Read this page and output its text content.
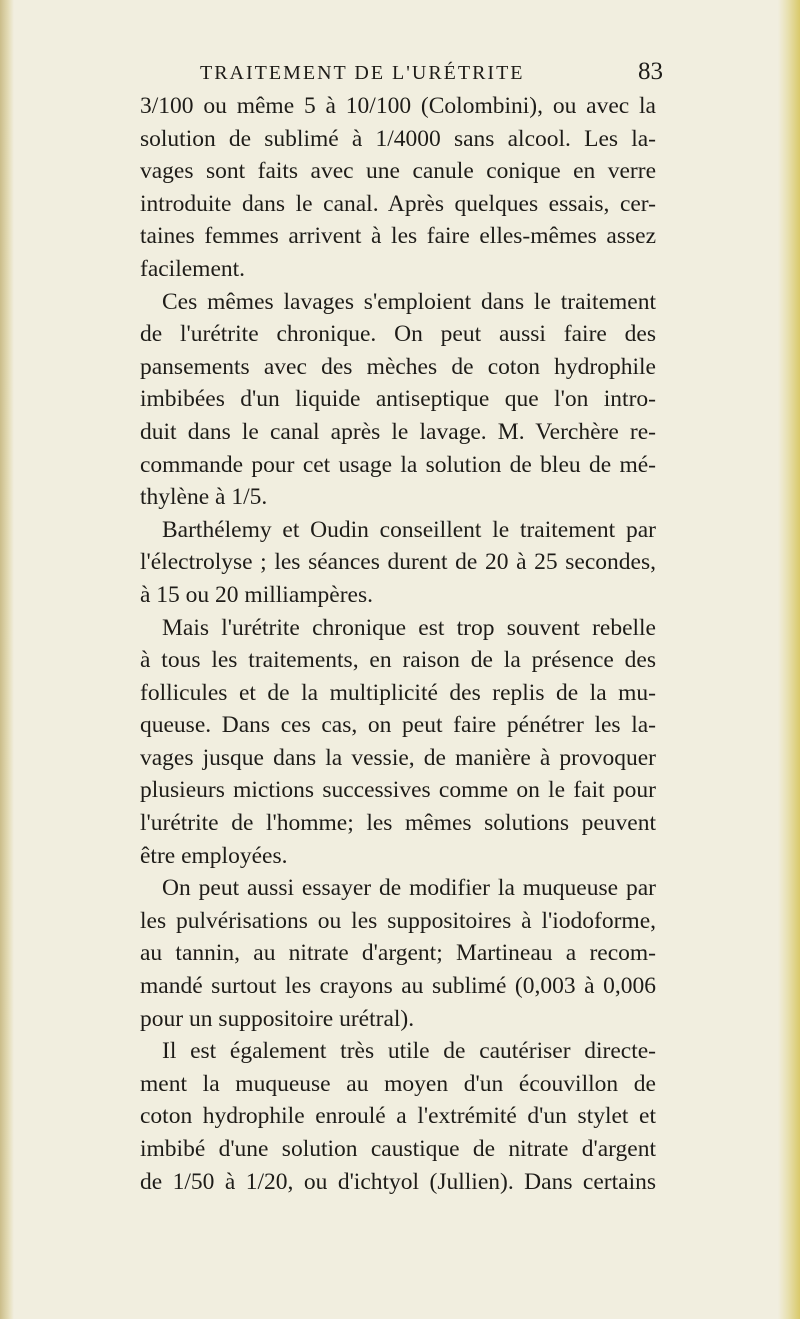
TRAITEMENT DE L'URÉTRITE	83
3/100 ou même 5 à 10/100 (Colombini), ou avec la
solution de sublimé à 1/4000 sans alcool. Les la-
vages sont faits avec une canule conique en verre
introduite dans le canal. Après quelques essais, cer-
taines femmes arrivent à les faire elles-mêmes assez
facilement.
Ces mêmes lavages s'emploient dans le traitement
de l'urétrite chronique. On peut aussi faire des
pansements avec des mèches de coton hydrophile
imbibées d'un liquide antiseptique que l'on intro-
duit dans le canal après le lavage. M. Verchère re-
commande pour cet usage la solution de bleu de mé-
thylène à 1/5.
Barthélemy et Oudin conseillent le traitement par
l'électrolyse ; les séances durent de 20 à 25 secondes,
à 15 ou 20 milliampères.
Mais l'urétrite chronique est trop souvent rebelle
à tous les traitements, en raison de la présence des
follicules et de la multiplicité des replis de la mu-
queuse. Dans ces cas, on peut faire pénétrer les la-
vages jusque dans la vessie, de manière à provoquer
plusieurs mictions successives comme on le fait pour
l'urétrite de l'homme; les mêmes solutions peuvent
être employées.
On peut aussi essayer de modifier la muqueuse par
les pulvérisations ou les suppositoires à l'iodoforme,
au tannin, au nitrate d'argent; Martineau a recom-
mandé surtout les crayons au sublimé (0,003 à 0,006
pour un suppositoire urétral).
Il est également très utile de cautériser directe-
ment la muqueuse au moyen d'un écouvillon de
coton hydrophile enroulé a l'extrémité d'un stylet et
imbibé d'une solution caustique de nitrate d'argent
de 1/50 à 1/20, ou d'ichtyol (Jullien). Dans certains
